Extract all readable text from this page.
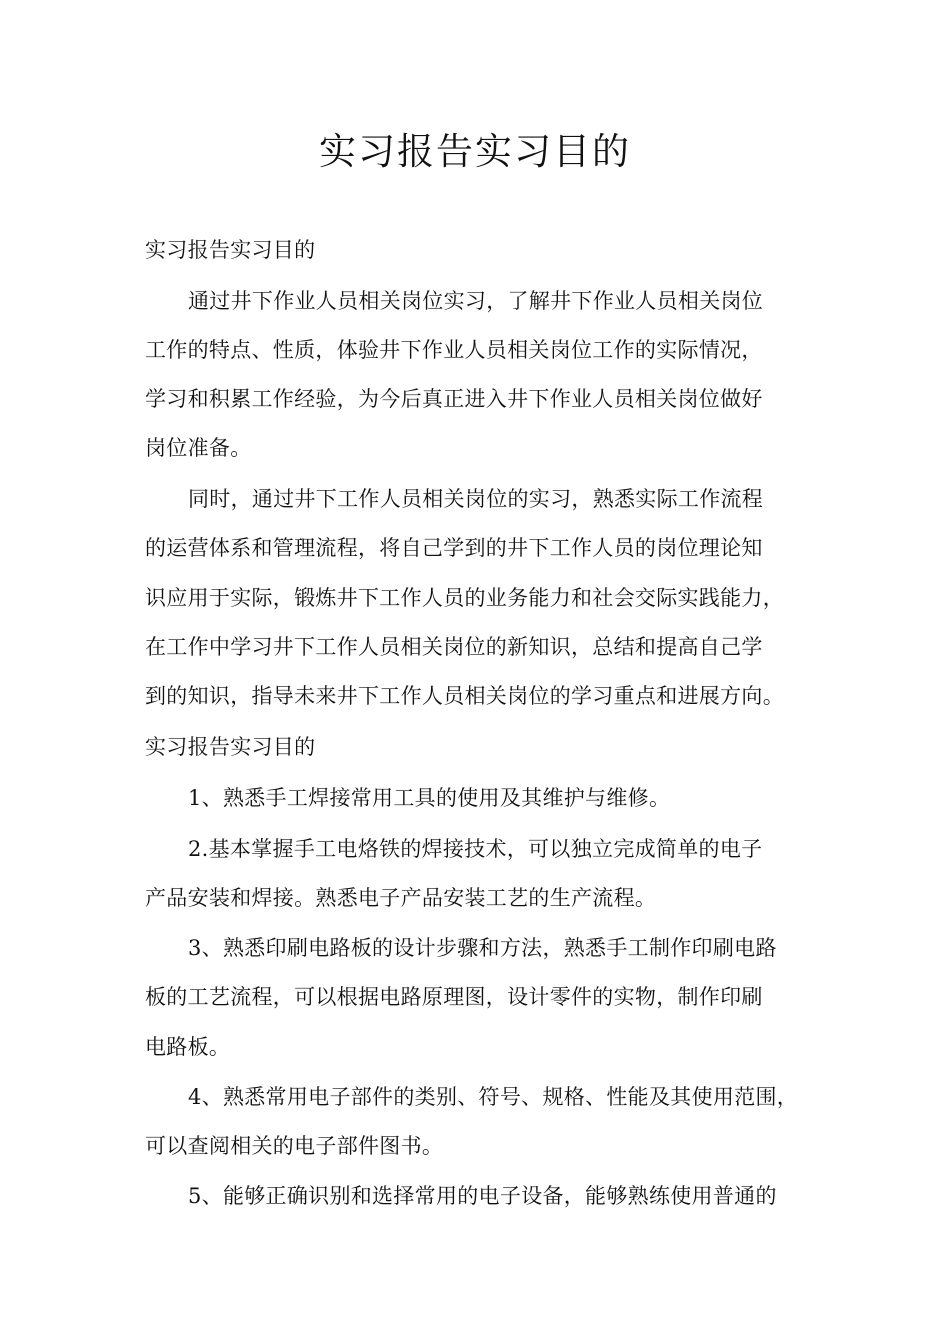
实习报告实习目的
实习报告实习目的
通过井下作业人员相关岗位实习，了解井下作业人员相关岗位
工作的特点、性质，体验井下作业人员相关岗位工作的实际情况，
学习和积累工作经验，为今后真正进入井下作业人员相关岗位做好
岗位准备。
同时，通过井下工作人员相关岗位的实习，熟悉实际工作流程
的运营体系和管理流程，将自己学到的井下工作人员的岗位理论知
识应用于实际，锻炼井下工作人员的业务能力和社会交际实践能力，
在工作中学习井下工作人员相关岗位的新知识，总结和提高自己学
到的知识，指导未来井下工作人员相关岗位的学习重点和进展方向。
实习报告实习目的
1、熟悉手工焊接常用工具的使用及其维护与维修。
2.基本掌握手工电烙铁的焊接技术，可以独立完成简单的电子
产品安装和焊接。熟悉电子产品安装工艺的生产流程。
3、熟悉印刷电路板的设计步骤和方法，熟悉手工制作印刷电路
板的工艺流程，可以根据电路原理图，设计零件的实物，制作印刷
电路板。
4、熟悉常用电子部件的类别、符号、规格、性能及其使用范围，
可以查阅相关的电子部件图书。
5、能够正确识别和选择常用的电子设备，能够熟练使用普通的
